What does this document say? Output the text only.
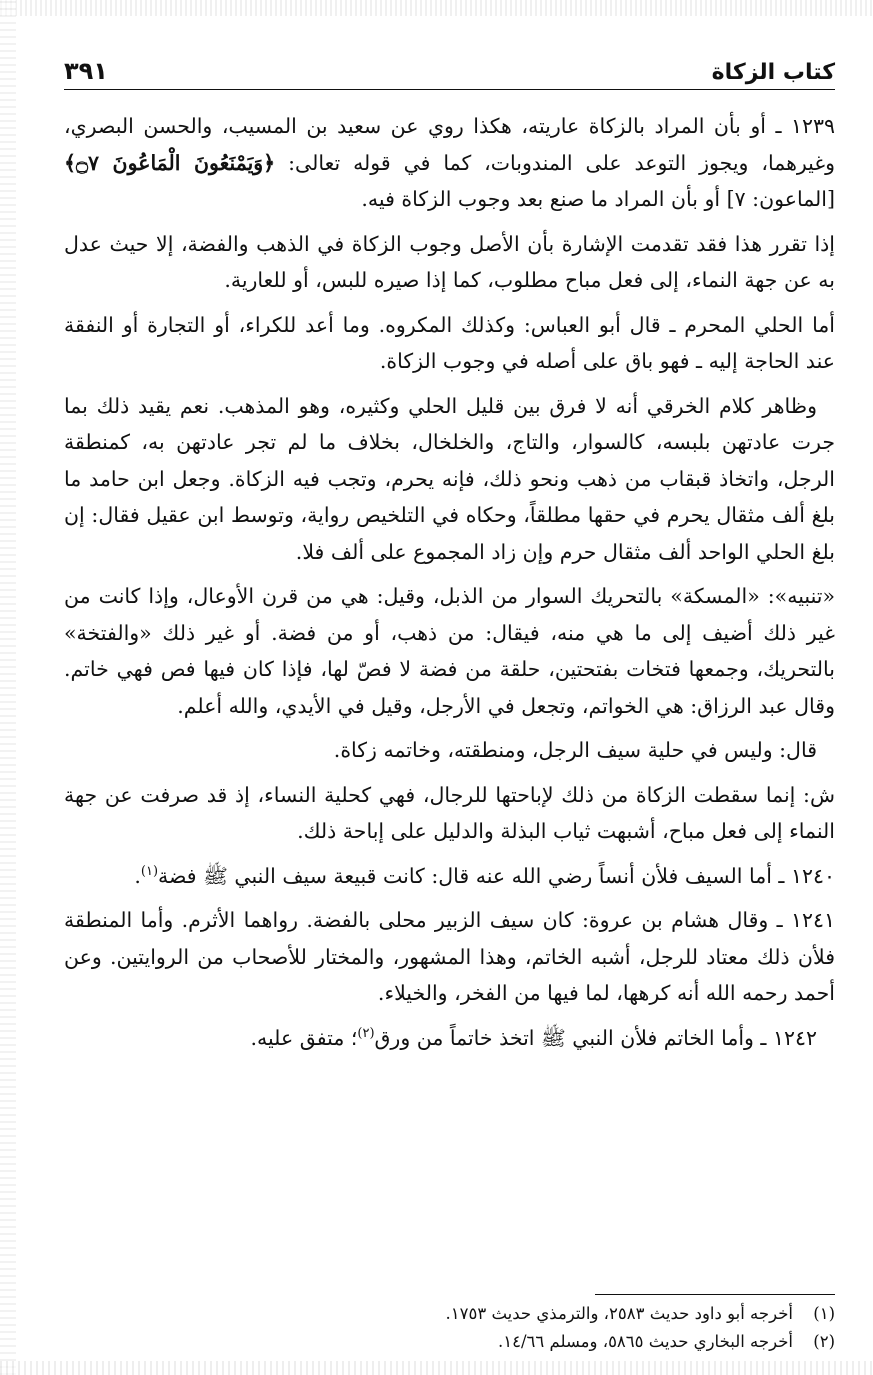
٣٩١	كتاب الزكاة

١٢٣٩ ـ أو بأن المراد بالزكاة عاريته، هكذا روي عن سعيد بن المسيب، والحسن البصري، وغيرهما، ويجوز التوعد على المندوبات، كما في قوله تعالى: ﴿وَيَمْنَعُونَ الْمَاعُونَ ۝٧﴾ [الماعون: ٧] أو بأن المراد ما صنع بعد وجوب الزكاة فيه.

إذا تقرر هذا فقد تقدمت الإشارة بأن الأصل وجوب الزكاة في الذهب والفضة، إلا حيث عدل به عن جهة النماء، إلى فعل مباح مطلوب، كما إذا صيره للبس، أو للعارية.

أما الحلي المحرم ـ قال أبو العباس: وكذلك المكروه. وما أعد للكراء، أو التجارة أو النفقة عند الحاجة إليه ـ فهو باق على أصله في وجوب الزكاة.

وظاهر كلام الخرقي أنه لا فرق بين قليل الحلي وكثيره، وهو المذهب. نعم يقيد ذلك بما جرت عادتهن بلبسه، كالسوار، والتاج، والخلخال، بخلاف ما لم تجر عادتهن به، كمنطقة الرجل، واتخاذ قبقاب من ذهب ونحو ذلك، فإنه يحرم، وتجب فيه الزكاة. وجعل ابن حامد ما بلغ ألف مثقال يحرم في حقها مطلقاً، وحكاه في التلخيص رواية، وتوسط ابن عقيل فقال: إن بلغ الحلي الواحد ألف مثقال حرم وإن زاد المجموع على ألف فلا.

«تنبيه»: «المسكة» بالتحريك السوار من الذبل، وقيل: هي من قرن الأوعال، وإذا كانت من غير ذلك أضيف إلى ما هي منه، فيقال: من ذهب، أو من فضة. أو غير ذلك «والفتخة» بالتحريك، وجمعها فتخات بفتحتين، حلقة من فضة لا فصّ لها، فإذا كان فيها فص فهي خاتم. وقال عبد الرزاق: هي الخواتم، وتجعل في الأرجل، وقيل في الأيدي، والله أعلم.

قال: وليس في حلية سيف الرجل، ومنطقته، وخاتمه زكاة.

ش: إنما سقطت الزكاة من ذلك لإباحتها للرجال، فهي كحلية النساء، إذ قد صرفت عن جهة النماء إلى فعل مباح، أشبهت ثياب البذلة والدليل على إباحة ذلك.

١٢٤٠ ـ أما السيف فلأن أنساً رضي الله عنه قال: كانت قبيعة سيف النبي ﷺ فضة$^{(١)}$.

١٢٤١ ـ وقال هشام بن عروة: كان سيف الزبير محلى بالفضة. رواهما الأثرم. وأما المنطقة فلأن ذلك معتاد للرجل، أشبه الخاتم، وهذا المشهور، والمختار للأصحاب من الروايتين. وعن أحمد رحمه الله أنه كرهها، لما فيها من الفخر، والخيلاء.

١٢٤٢ ـ وأما الخاتم فلأن النبي ﷺ اتخذ خاتماً من ورق$^{(٢)}$؛ متفق عليه.

(١)
أخرجه أبو داود حديث ٢٥٨٣، والترمذي حديث ١٧٥٣.
(٢)
أخرجه البخاري حديث ٥٨٦٥، ومسلم ١٤/٦٦.
